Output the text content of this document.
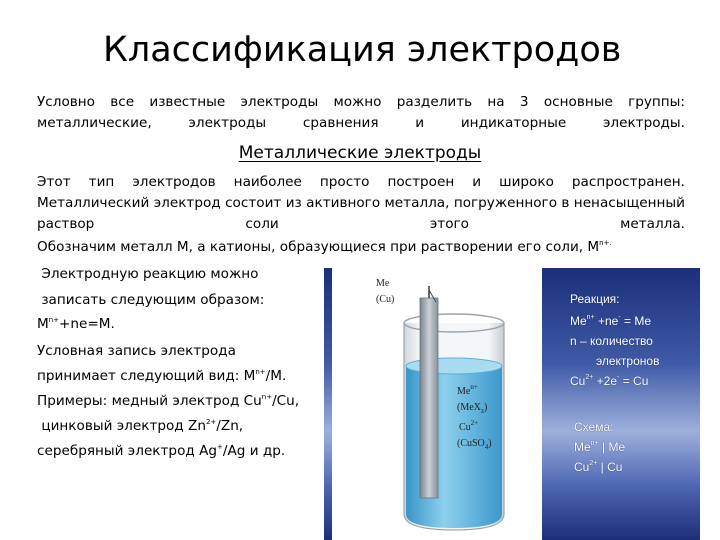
Классификация электродов
Условно все известные электроды можно разделить на 3 основные группы: металлические, электроды сравнения и индикаторные электроды.
Металлические электроды
Этот тип электродов наиболее просто построен и широко распространен. Металлический электрод состоит из активного металла, погруженного в ненасыщенный раствор соли этого металла.
Обозначим металл М, а катионы, образующиеся при растворении его соли, $М^{n+.}$
Электродную реакцию можно
записать следующим образом:
$M^{n+}+ne=M$.
Условная запись электрода
принимает следующий вид: $M^{n+}/M$.
Примеры: медный электрод $Cu^{n+}/Cu$,
цинковый электрод $Zn^{2+}/Zn$,
серебряный электрод Ag+/Ag и др.
Me
(Cu)
$Me^{n+}$
(MeX$_z$)
$Cu^{2+}$
(CuSO$_4$)
Реакция:
$Me^{n+} +ne^- = Me$
n – количество
электронов
$Cu^{2+} +2e^- = Cu$
Схема:
$Me^{n+}$ | Me
$Cu^{2+}$ | Cu
